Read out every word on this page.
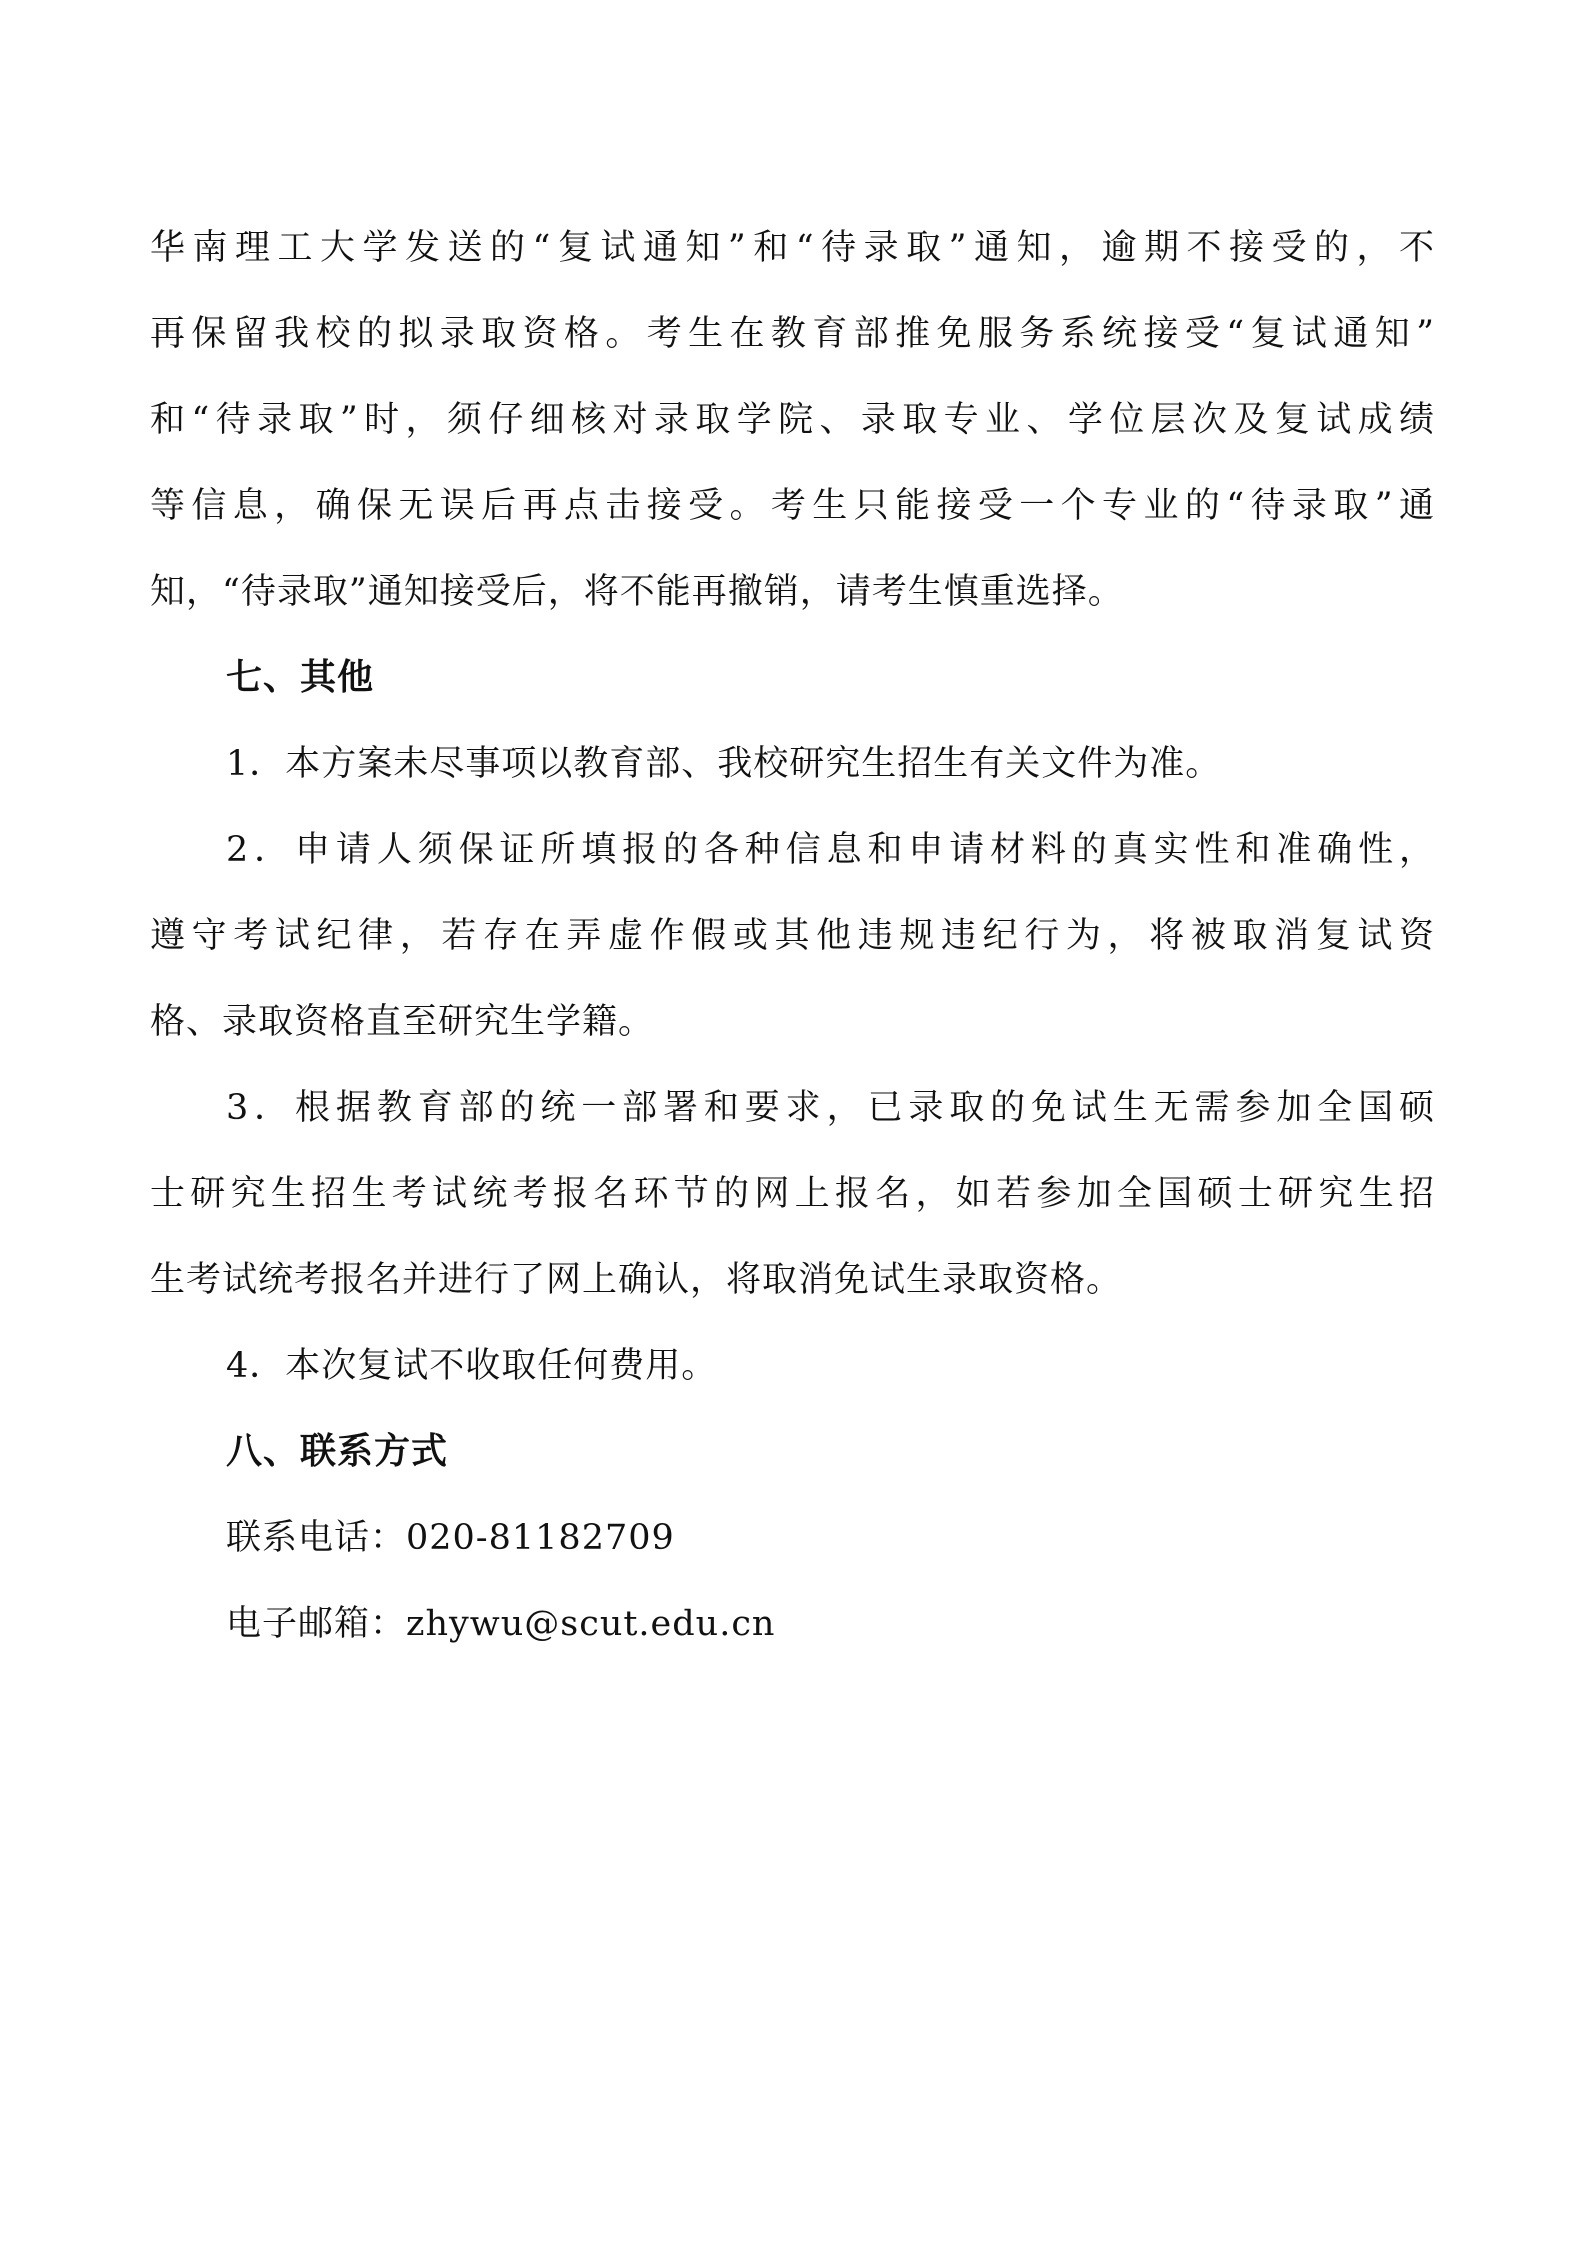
华南理工大学发送的“复试通知”和“待录取”通知，逾期不接受的，不
再保留我校的拟录取资格。考生在教育部推免服务系统接受“复试通知”
和“待录取”时，须仔细核对录取学院、录取专业、学位层次及复试成绩
等信息，确保无误后再点击接受。考生只能接受一个专业的“待录取”通
知，“待录取”通知接受后，将不能再撤销，请考生慎重选择。
七、其他
1．本方案未尽事项以教育部、我校研究生招生有关文件为准。
2．申请人须保证所填报的各种信息和申请材料的真实性和准确性，
遵守考试纪律，若存在弄虚作假或其他违规违纪行为，将被取消复试资
格、录取资格直至研究生学籍。
3．根据教育部的统一部署和要求，已录取的免试生无需参加全国硕
士研究生招生考试统考报名环节的网上报名，如若参加全国硕士研究生招
生考试统考报名并进行了网上确认，将取消免试生录取资格。
4．本次复试不收取任何费用。
八、联系方式
联系电话：020-81182709
电子邮箱：zhywu@scut.edu.cn
